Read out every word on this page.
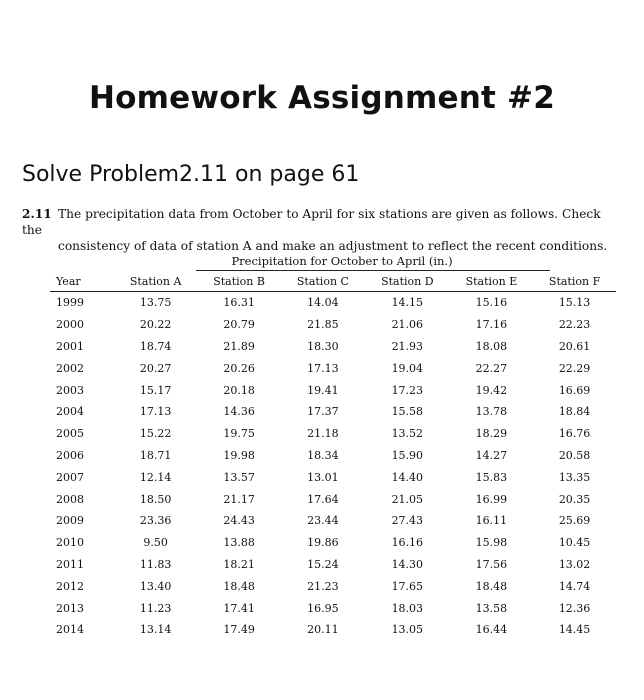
Homework Assignment #2
Solve Problem2.11 on page 61
2.11 The precipitation data from October to April for six stations are given as follows. Check the
consistency of data of station A and make an adjustment to reflect the recent conditions.
Precipitation for October to April (in.)
Year	Station A	Station B	Station C	Station D	Station E	Station F
1999	13.75	16.31	14.04	14.15	15.16	15.13
2000	20.22	20.79	21.85	21.06	17.16	22.23
2001	18.74	21.89	18.30	21.93	18.08	20.61
2002	20.27	20.26	17.13	19.04	22.27	22.29
2003	15.17	20.18	19.41	17.23	19.42	16.69
2004	17.13	14.36	17.37	15.58	13.78	18.84
2005	15.22	19.75	21.18	13.52	18.29	16.76
2006	18.71	19.98	18.34	15.90	14.27	20.58
2007	12.14	13.57	13.01	14.40	15.83	13.35
2008	18.50	21.17	17.64	21.05	16.99	20.35
2009	23.36	24.43	23.44	27.43	16.11	25.69
2010	9.50	13.88	19.86	16.16	15.98	10.45
2011	11.83	18.21	15.24	14.30	17.56	13.02
2012	13.40	18.48	21.23	17.65	18.48	14.74
2013	11.23	17.41	16.95	18.03	13.58	12.36
2014	13.14	17.49	20.11	13.05	16.44	14.45
